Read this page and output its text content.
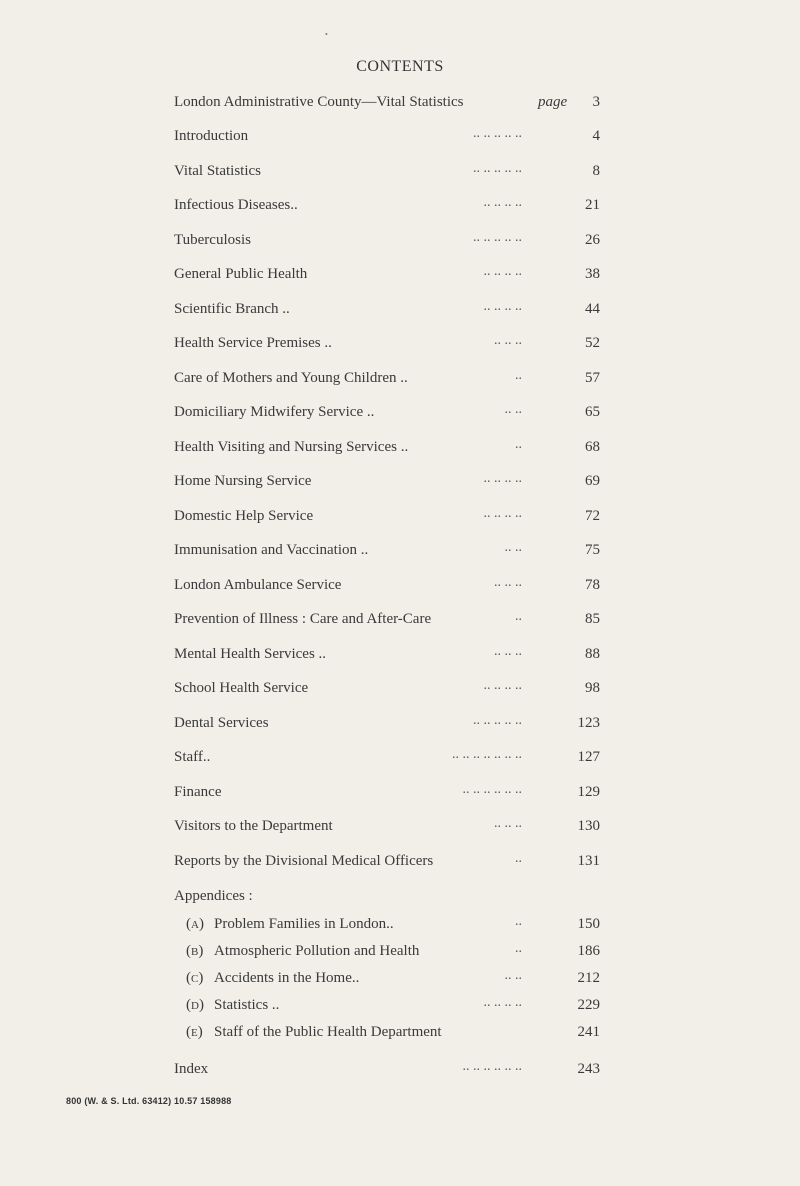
•
CONTENTS
London Administrative County—Vital Statistics	page	3
Introduction	.. .. .. .. ..	4
Vital Statistics	.. .. .. .. ..	8
Infectious Diseases..	.. .. .. ..	21
Tuberculosis	.. .. .. .. ..	26
General Public Health	.. .. .. ..	38
Scientific Branch ..	.. .. .. ..	44
Health Service Premises ..	.. .. ..	52
Care of Mothers and Young Children ..	..	57
Domiciliary Midwifery Service ..	.. ..	65
Health Visiting and Nursing Services ..	..	68
Home Nursing Service	.. .. .. ..	69
Domestic Help Service	.. .. .. ..	72
Immunisation and Vaccination ..	.. ..	75
London Ambulance Service	.. .. ..	78
Prevention of Illness : Care and After-Care	..	85
Mental Health Services ..	.. .. ..	88
School Health Service	.. .. .. ..	98
Dental Services	.. .. .. .. ..	123
Staff..	.. .. .. .. .. .. ..	127
Finance	.. .. .. .. .. ..	129
Visitors to the Department	.. .. ..	130
Reports by the Divisional Medical Officers	..	131
Appendices :
(a) Problem Families in London..	..	150
(b) Atmospheric Pollution and Health	..	186
(c) Accidents in the Home..	.. ..	212
(d) Statistics ..	.. .. .. ..	229
(e) Staff of the Public Health Department	241
Index	.. .. .. .. .. ..	243
800 (W. & S. Ltd. 63412) 10.57 158988
